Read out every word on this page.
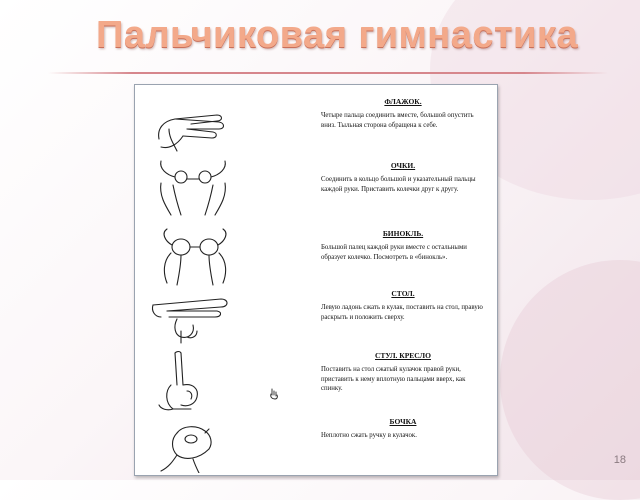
Пальчиковая гимнастика

ФЛАЖОК.

Четыре пальца соединить вместе, большой опустить вниз. Тыльная сторона обращена к себе.

ОЧКИ.

Соединить в кольцо большой и указательный пальцы каждой руки. Приставить колечки друг к другу.

БИНОКЛЬ.

Большой палец каждой руки вместе с остальными образует колечко. Посмотреть в «бинокль».

СТОЛ.

Левую ладонь сжать в кулак, поставить на стол, правую раскрыть и положить сверху.

СТУЛ. КРЕСЛО

Поставить на стол сжатый кулачок правой руки, приставить к нему вплотную пальцами вверх, как спинку.

БОЧКА

Неплотно сжать ручку в кулачок.

18
